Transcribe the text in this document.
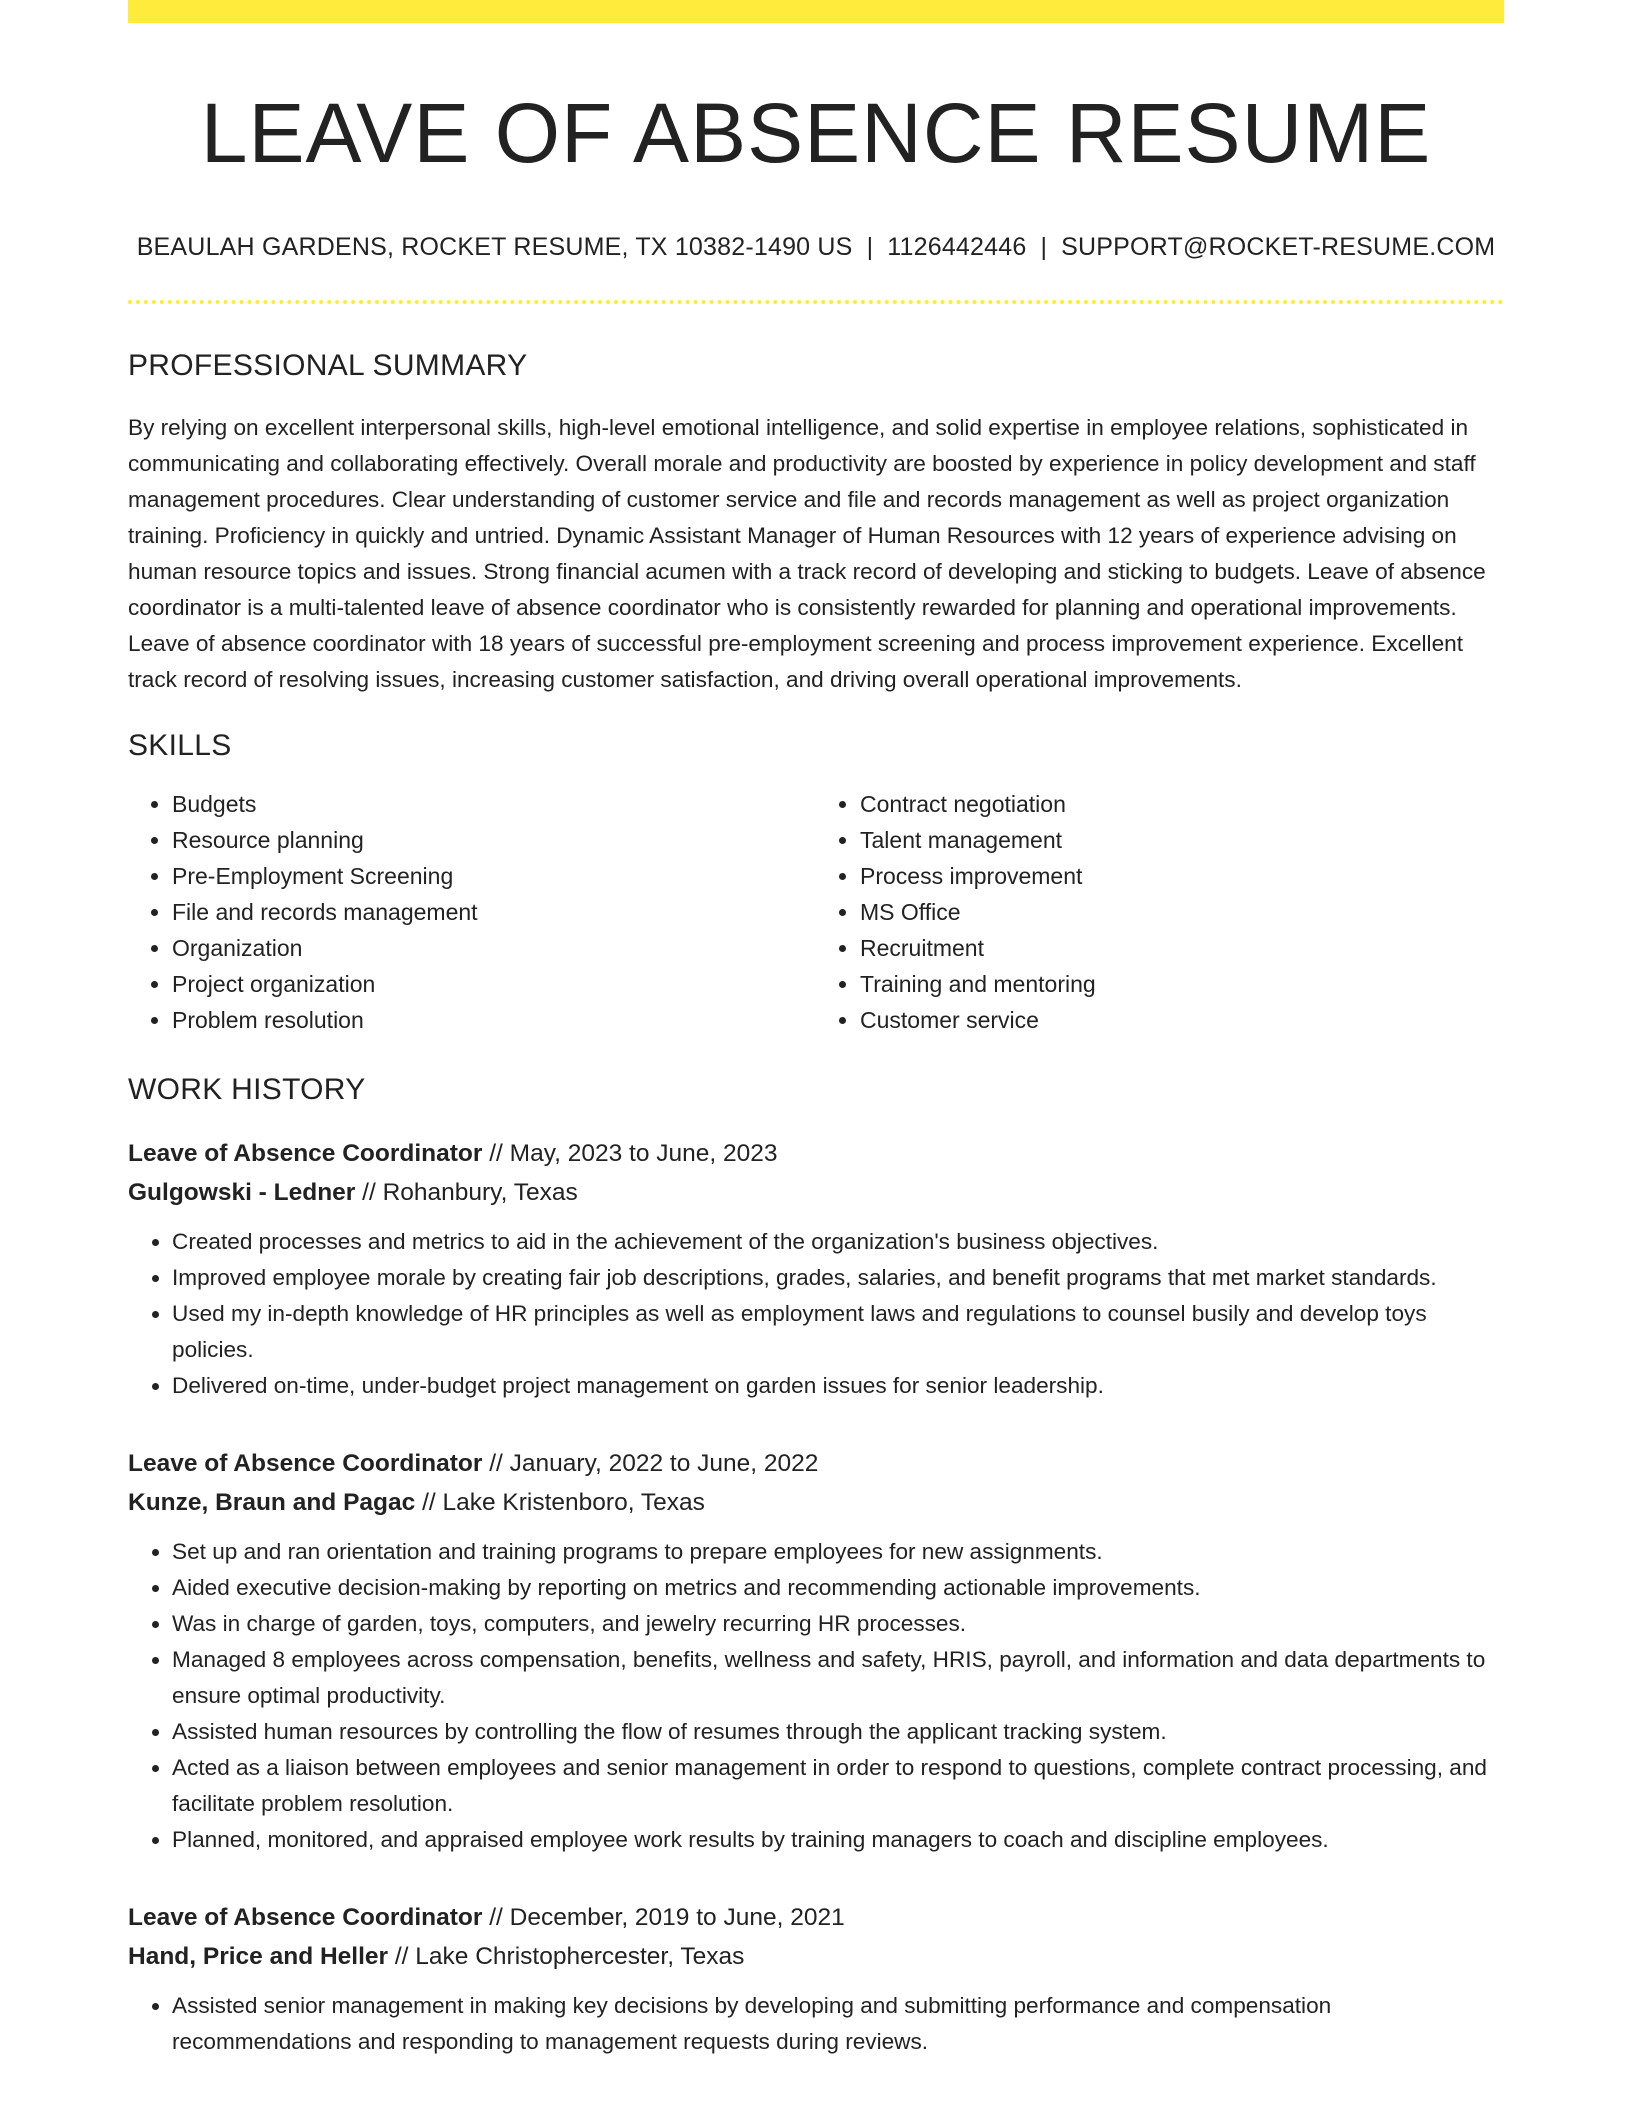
LEAVE OF ABSENCE RESUME
BEAULAH GARDENS, ROCKET RESUME, TX 10382-1490 US | 1126442446 | SUPPORT@ROCKET-RESUME.COM
PROFESSIONAL SUMMARY

By relying on excellent interpersonal skills, high-level emotional intelligence, and solid expertise in employee relations, sophisticated in communicating and collaborating effectively. Overall morale and productivity are boosted by experience in policy development and staff management procedures. Clear understanding of customer service and file and records management as well as project organization training. Proficiency in quickly and untried. Dynamic Assistant Manager of Human Resources with 12 years of experience advising on human resource topics and issues. Strong financial acumen with a track record of developing and sticking to budgets. Leave of absence coordinator is a multi-talented leave of absence coordinator who is consistently rewarded for planning and operational improvements. Leave of absence coordinator with 18 years of successful pre-employment screening and process improvement experience. Excellent track record of resolving issues, increasing customer satisfaction, and driving overall operational improvements.

SKILLS
• Budgets
• Resource planning
• Pre-Employment Screening
• File and records management
• Organization
• Project organization
• Problem resolution
• Contract negotiation
• Talent management
• Process improvement
• MS Office
• Recruitment
• Training and mentoring
• Customer service
WORK HISTORY
Leave of Absence Coordinator // May, 2023 to June, 2023
Gulgowski - Ledner // Rohanbury, Texas
• Created processes and metrics to aid in the achievement of the organization's business objectives.
• Improved employee morale by creating fair job descriptions, grades, salaries, and benefit programs that met market standards.
• Used my in-depth knowledge of HR principles as well as employment laws and regulations to counsel busily and develop toys policies.
• Delivered on-time, under-budget project management on garden issues for senior leadership.
Leave of Absence Coordinator // January, 2022 to June, 2022
Kunze, Braun and Pagac // Lake Kristenboro, Texas
• Set up and ran orientation and training programs to prepare employees for new assignments.
• Aided executive decision-making by reporting on metrics and recommending actionable improvements.
• Was in charge of garden, toys, computers, and jewelry recurring HR processes.
• Managed 8 employees across compensation, benefits, wellness and safety, HRIS, payroll, and information and data departments to ensure optimal productivity.
• Assisted human resources by controlling the flow of resumes through the applicant tracking system.
• Acted as a liaison between employees and senior management in order to respond to questions, complete contract processing, and facilitate problem resolution.
• Planned, monitored, and appraised employee work results by training managers to coach and discipline employees.
Leave of Absence Coordinator // December, 2019 to June, 2021
Hand, Price and Heller // Lake Christophercester, Texas
• Assisted senior management in making key decisions by developing and submitting performance and compensation recommendations and responding to management requests during reviews.
